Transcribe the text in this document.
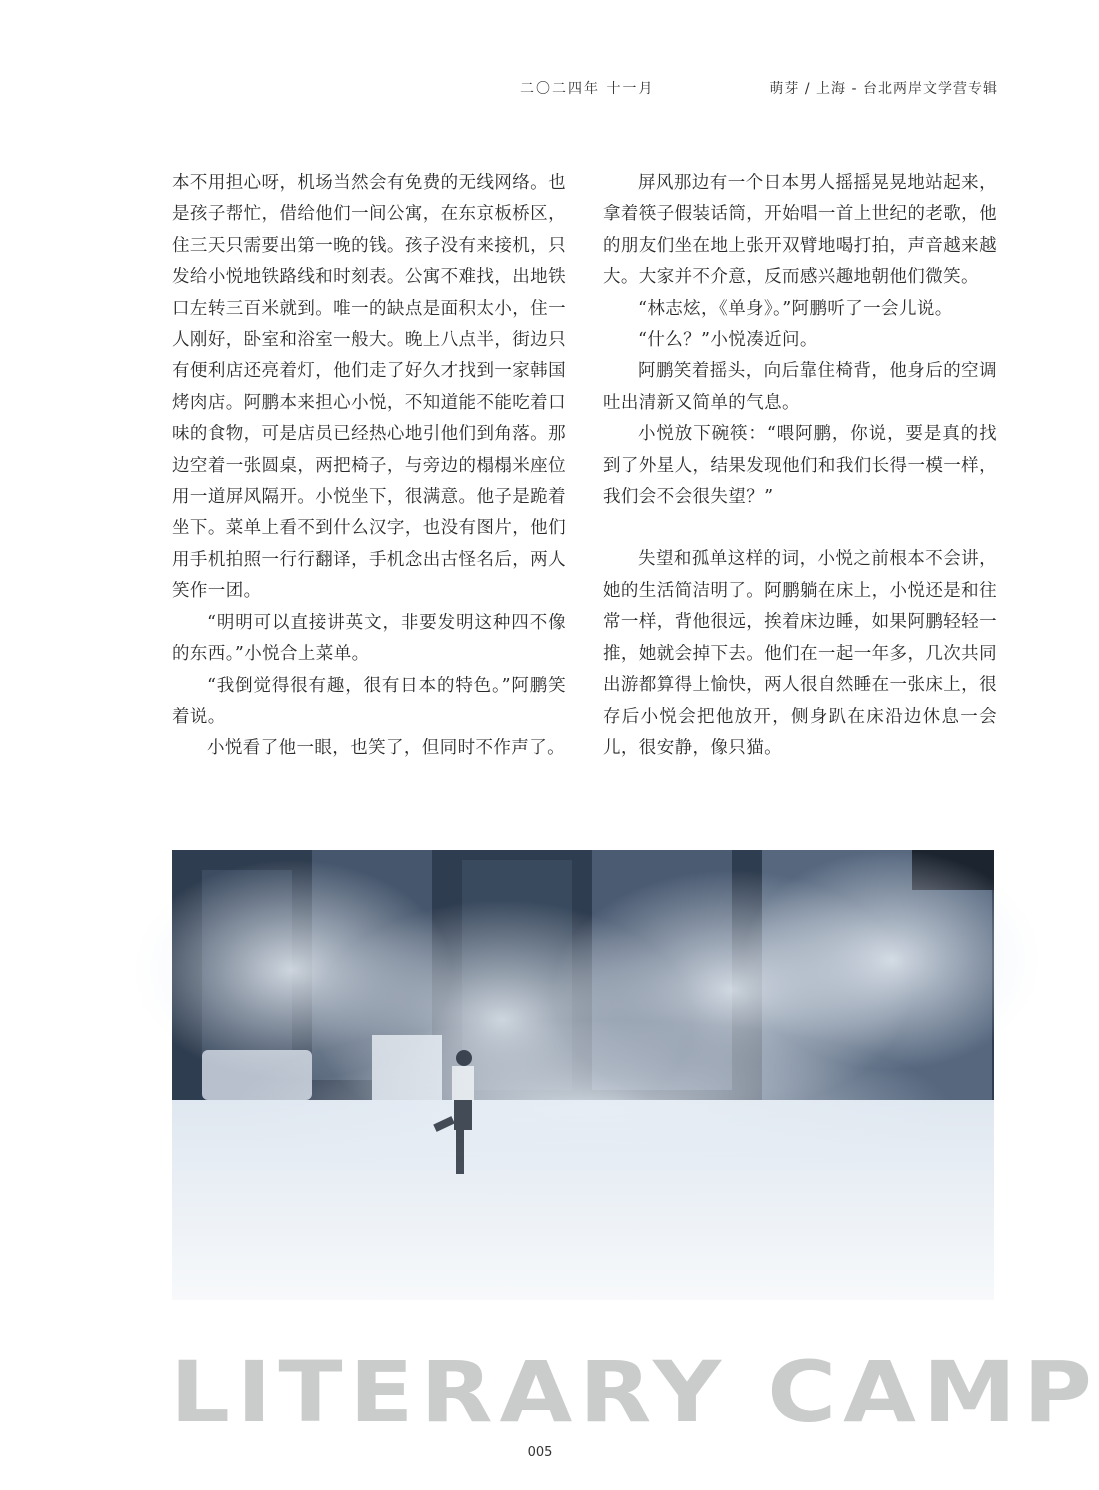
二〇二四年 十一月	萌芽 / 上海 - 台北两岸文学营专辑

本不用担心呀，机场当然会有免费的无线网络。也是孩子帮忙，借给他们一间公寓，在东京板桥区，住三天只需要出第一晚的钱。孩子没有来接机，只发给小悦地铁路线和时刻表。公寓不难找，出地铁口左转三百米就到。唯一的缺点是面积太小，住一人刚好，卧室和浴室一般大。晚上八点半，街边只有便利店还亮着灯，他们走了好久才找到一家韩国烤肉店。阿鹏本来担心小悦，不知道能不能吃着口味的食物，可是店员已经热心地引他们到角落。那边空着一张圆桌，两把椅子，与旁边的榻榻米座位用一道屏风隔开。小悦坐下，很满意。他子是跪着坐下。菜单上看不到什么汉字，也没有图片，他们用手机拍照一行行翻译，手机念出古怪名后，两人笑作一团。

“明明可以直接讲英文，非要发明这种四不像的东西。”小悦合上菜单。

“我倒觉得很有趣，很有日本的特色。”阿鹏笑着说。

小悦看了他一眼，也笑了，但同时不作声了。

屏风那边有一个日本男人摇摇晃晃地站起来，拿着筷子假装话筒，开始唱一首上世纪的老歌，他的朋友们坐在地上张开双臂地喝打拍，声音越来越大。大家并不介意，反而感兴趣地朝他们微笑。

“林志炫，《单身》。”阿鹏听了一会儿说。

“什么？”小悦凑近问。

阿鹏笑着摇头，向后靠住椅背，他身后的空调吐出清新又简单的气息。

小悦放下碗筷：“喂阿鹏，你说，要是真的找到了外星人，结果发现他们和我们长得一模一样，我们会不会很失望？”

失望和孤单这样的词，小悦之前根本不会讲，她的生活简洁明了。阿鹏躺在床上，小悦还是和往常一样，背他很远，挨着床边睡，如果阿鹏轻轻一推，她就会掉下去。他们在一起一年多，几次共同出游都算得上愉快，两人很自然睡在一张床上，很存后小悦会把他放开，侧身趴在床沿边休息一会儿，很安静，像只猫。

LITERARY CAMP
005
